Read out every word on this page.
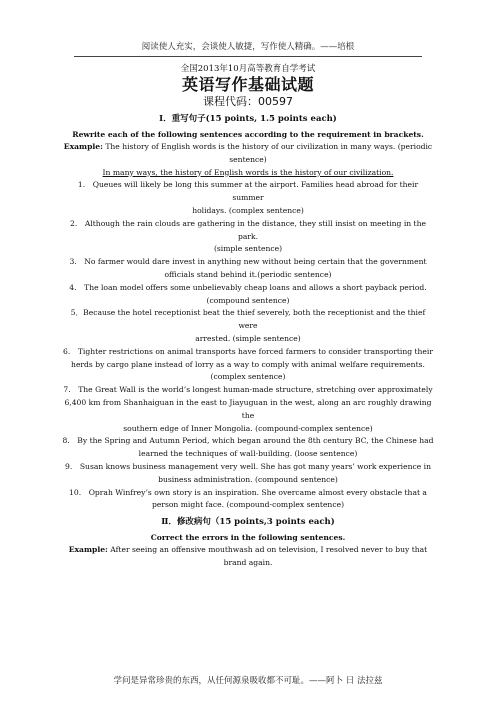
阅读使人充实，会谈使人敏捷，写作使人精确。——培根
全国2013年10月高等教育自学考试
英语写作基础试题
课程代码：00597
I．重写句子(15 points, 1.5 points each)
Rewrite each of the following sentences according to the requirement in brackets.
Example: The history of English words is the history of our civilization in many ways. (periodic
sentence)
In many ways, the history of English words is the history of our civilization.
1.　Queues will likely be long this summer at the airport. Families head abroad for their summer
holidays. (complex sentence)
2.　Although the rain clouds are gathering in the distance, they still insist on meeting in the park.
(simple sentence)
3.　No farmer would dare invest in anything new without being certain that the government
officials stand behind it.(periodic sentence)
4.　The loan model offers some unbelievably cheap loans and allows a short payback period.
(compound sentence)
5．Because the hotel receptionist beat the thief severely, both the receptionist and the thief were
arrested. (simple sentence)
6.　Tighter restrictions on animal transports have forced farmers to consider transporting their
herds by cargo plane instead of lorry as a way to comply with animal welfare requirements.
(complex sentence)
7.　The Great Wall is the world’s longest human-made structure, stretching over approximately
6,400 km from Shanhaiguan in the east to Jiayuguan in the west, along an arc roughly drawing the
southern edge of Inner Mongolia. (compound-complex sentence)
8.　By the Spring and Autumn Period, which began around the 8th century BC, the Chinese had
learned the techniques of wall-building. (loose sentence)
9.　Susan knows business management very well. She has got many years’ work experience in
business administration. (compound sentence)
10.　Oprah Winfrey’s own story is an inspiration. She overcame almost every obstacle that a
person might face. (compound-complex sentence)
Ⅱ．修改病句（15 points,3 points each)
Correct the errors in the following sentences.
Example: After seeing an offensive mouthwash ad on television, I resolved never to buy that
brand again.
学问是异常珍贵的东西，从任何源泉吸收都不可耻。——阿卜 日 法拉兹
